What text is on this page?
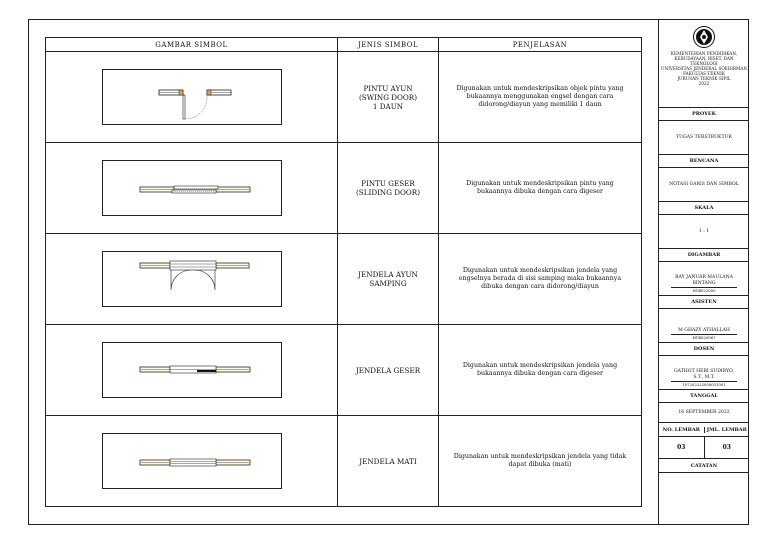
GAMBAR SIMBOL	JENIS SIMBOL	PENJELASAN

	PINTU AYUN
(SWING DOOR)
1 DAUN	Digunakan untuk mendeskripsikan objek pintu yang bukaannya menggunakan engsel dengan cara didorong/diayun yang memiliki 1 daun

	PINTU GESER
(SLIDING DOOR)	Digunakan untuk mendeskripsikan pintu yang bukaannya dibuka dengan cara digeser

	JENDELA AYUN
SAMPING	Digunakan untuk mendeskripsikan jendela yang engselnya berada di sisi samping maka bukaannya dibuka dengan cara didorong/diayun

	JENDELA GESER	Digunakan untuk mendeskripsikan jendela yang bukaannya dibuka dengan cara digeser

	JENDELA MATI	Digunakan untuk mendeskripsikan jendela yang tidak dapat dibuka (mati)
KEMENTERIAN PENDIDIKAN,
KEBUDAYAAN, RISET, DAN
TEKNOLOGI
UNIVERSITAS JENDERAL SOEDIRMAN
FAKULTAS TEKNIK
JURUSAN TEKNIK SIPIL
2022
PROYEK
TUGAS TERSTRUKTUR
RENCANA
NOTASI GARIS DAN SIMBOL
SKALA
1 : 1
DIGAMBAR
RAY JANUAR MAULANA BINTANG
H1B022050
ASISTEN
M GHAZY ATHALLAH
H1B020067
DOSEN
GATHOT HERI SUDIBYO, S.T., M.T.
197202222000031001
TANGGAL
16 SEPTEMBER 2022
NO. LEMBAR	JML. LEMBAR
03	03
CATATAN
